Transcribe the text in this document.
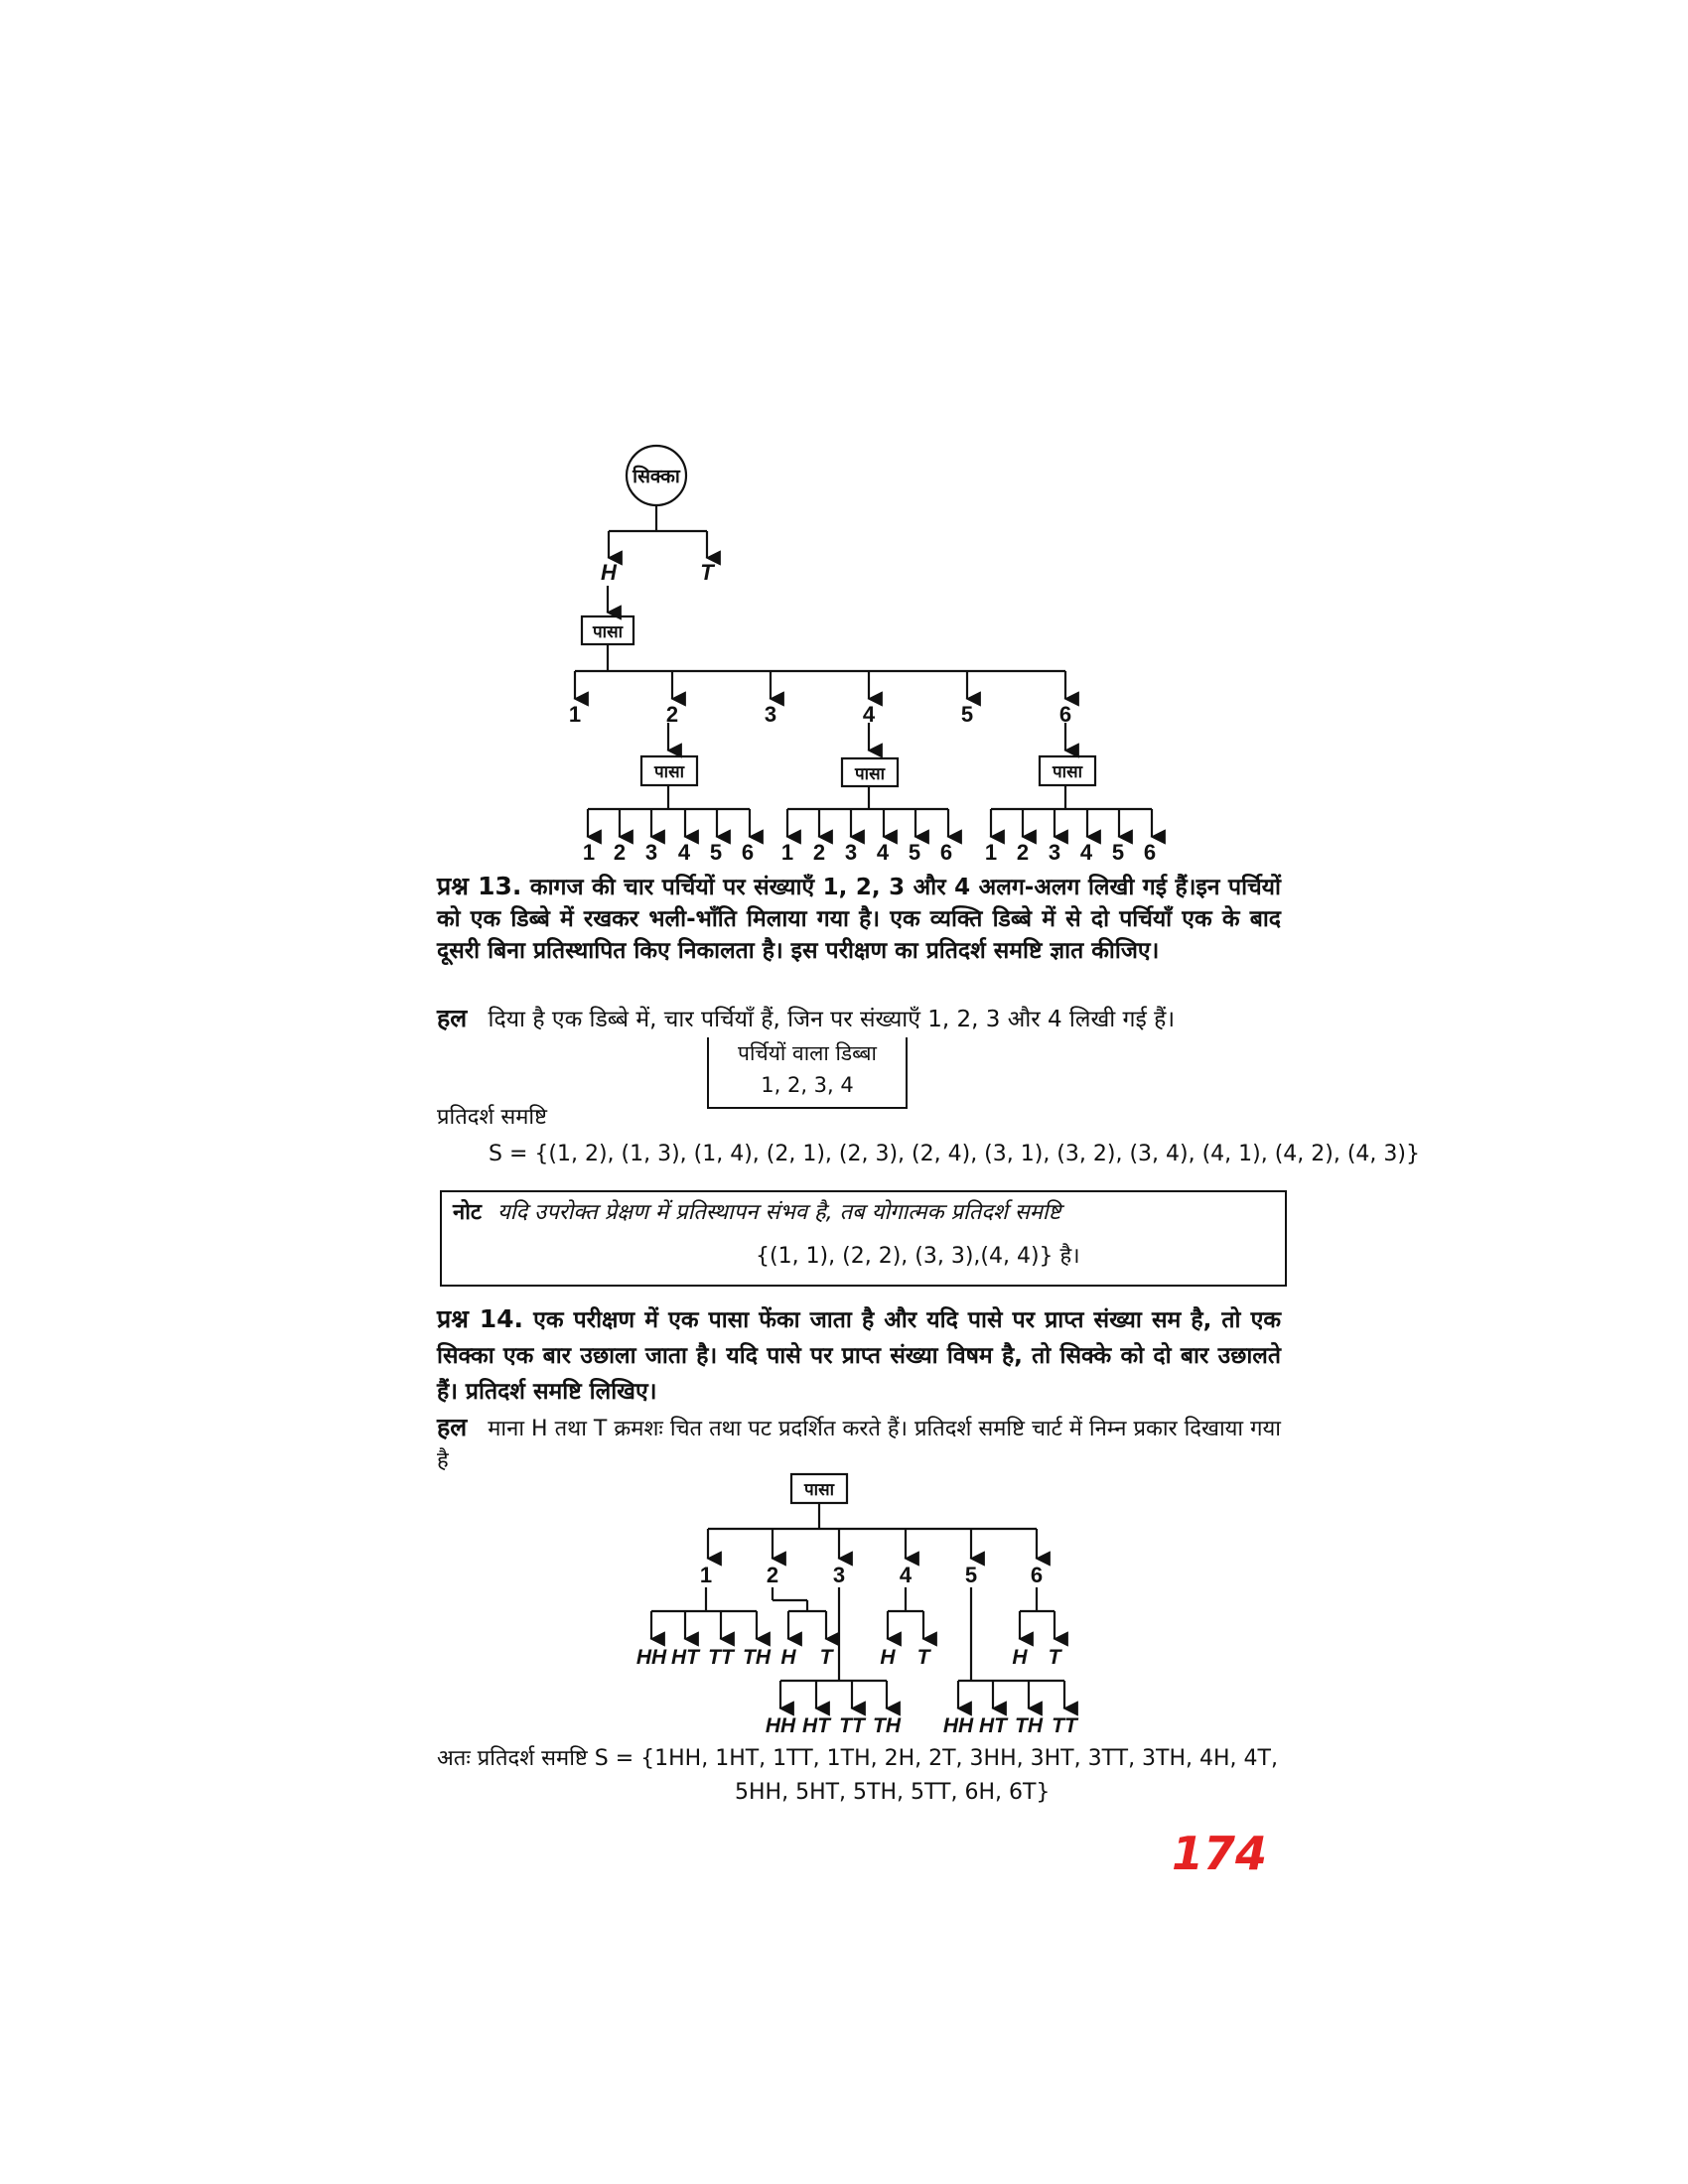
सिक्का
पासा
पासा	पासा	पासा
H	T
1	2	3	4	5	6
1 2 3 4 5 6 1 2 3 4 5 6 1 2 3 4 5 6
प्रश्न 13. कागज की चार पर्चियों पर संख्याएँ 1, 2, 3 और 4 अलग-अलग लिखी गई हैं।इन पर्चियों को एक डिब्बे में रखकर भली-भाँति मिलाया गया है। एक व्यक्ति डिब्बे में से दो पर्चियाँ एक के बाद दूसरी बिना प्रतिस्थापित किए निकालता है। इस परीक्षण का प्रतिदर्श समष्टि ज्ञात कीजिए।
हल दिया है एक डिब्बे में, चार पर्चियाँ हैं, जिन पर संख्याएँ 1, 2, 3 और 4 लिखी गई हैं।
पर्चियों वाला डिब्बा
1, 2, 3, 4
प्रतिदर्श समष्टि
S = {(1, 2), (1, 3), (1, 4), (2, 1), (2, 3), (2, 4), (3, 1), (3, 2), (3, 4), (4, 1), (4, 2), (4, 3)}
नोट यदि उपरोक्त प्रेक्षण में प्रतिस्थापन संभव है, तब योगात्मक प्रतिदर्श समष्टि
{(1, 1), (2, 2), (3, 3),(4, 4)} है।
प्रश्न 14. एक परीक्षण में एक पासा फेंका जाता है और यदि पासे पर प्राप्त संख्या सम है, तो एक सिक्का एक बार उछाला जाता है। यदि पासे पर प्राप्त संख्या विषम है, तो सिक्के को दो बार उछालते हैं। प्रतिदर्श समष्टि लिखिए।
हल माना H तथा T क्रमशः चित तथा पट प्रदर्शित करते हैं। प्रतिदर्श समष्टि चार्ट में निम्न प्रकार दिखाया गया है
पासा
1 2 3 4 5 6
HH HT TT TH H T H T	H T
HH HT TT TH HH HT TH TT
अतः प्रतिदर्श समष्टि S = {1HH, 1HT, 1TT, 1TH, 2H, 2T, 3HH, 3HT, 3TT, 3TH, 4H, 4T,
5HH, 5HT, 5TH, 5TT, 6H, 6T}
174
